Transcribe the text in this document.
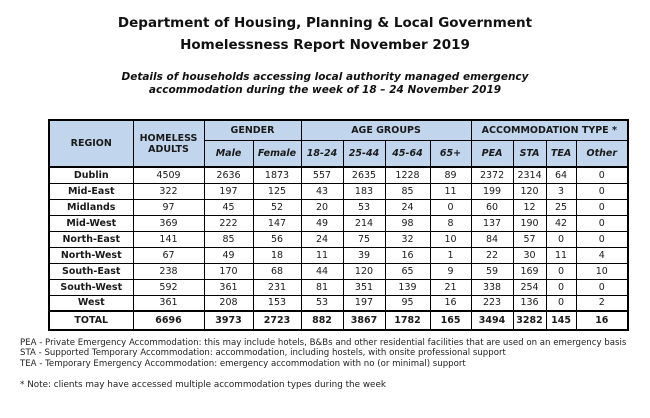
Department of Housing, Planning & Local Government
Homelessness Report November 2019
Details of households accessing local authority managed emergency
accommodation during the week of 18 – 24 November 2019
REGION	HOMELESS ADULTS	GENDER		AGE GROUPS				ACCOMMODATION TYPE *			
		Male	Female	18-24	25-44	45-64	65+	PEA	STA	TEA	Other
Dublin	4509	2636	1873	557	2635	1228	89	2372	2314	64	0
Mid-East	322	197	125	43	183	85	11	199	120	3	0
Midlands	97	45	52	20	53	24	0	60	12	25	0
Mid-West	369	222	147	49	214	98	8	137	190	42	0
North-East	141	85	56	24	75	32	10	84	57	0	0
North-West	67	49	18	11	39	16	1	22	30	11	4
South-East	238	170	68	44	120	65	9	59	169	0	10
South-West	592	361	231	81	351	139	21	338	254	0	0
West	361	208	153	53	197	95	16	223	136	0	2
TOTAL	6696	3973	2723	882	3867	1782	165	3494	3282	145	16
PEA - Private Emergency Accommodation: this may include hotels, B&Bs and other residential facilities that are used on an emergency basis
STA - Supported Temporary Accommodation: accommodation, including hostels, with onsite professional support
TEA - Temporary Emergency Accommodation: emergency accommodation with no (or minimal) support
* Note: clients may have accessed multiple accommodation types during the week
